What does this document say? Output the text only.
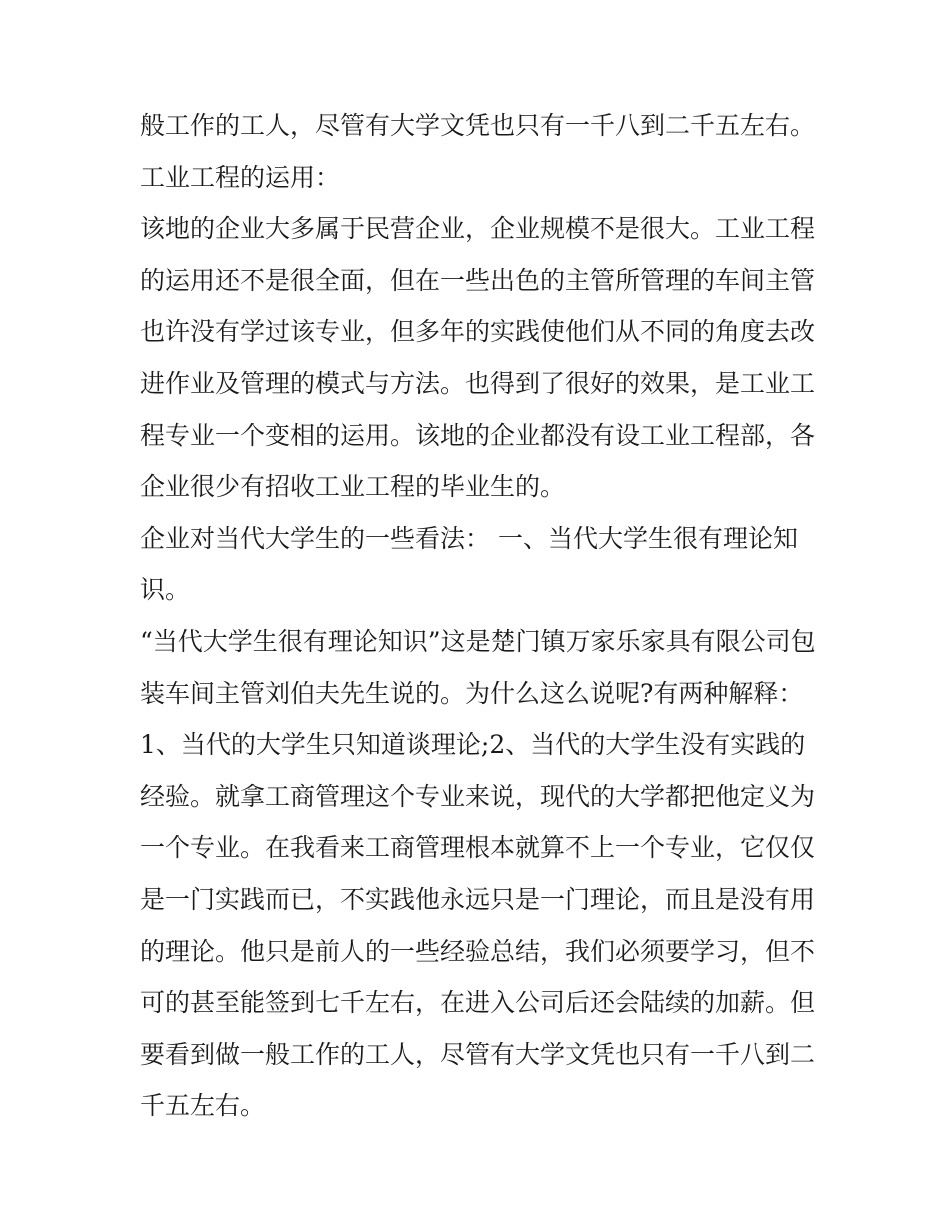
般工作的工人，尽管有大学文凭也只有一千八到二千五左右。
工业工程的运用：
该地的企业大多属于民营企业，企业规模不是很大。工业工程
的运用还不是很全面，但在一些出色的主管所管理的车间主管
也许没有学过该专业，但多年的实践使他们从不同的角度去改
进作业及管理的模式与方法。也得到了很好的效果，是工业工
程专业一个变相的运用。该地的企业都没有设工业工程部，各
企业很少有招收工业工程的毕业生的。
企业对当代大学生的一些看法： 一、当代大学生很有理论知
识。
“当代大学生很有理论知识”这是楚门镇万家乐家具有限公司包
装车间主管刘伯夫先生说的。为什么这么说呢?有两种解释：
1、当代的大学生只知道谈理论;2、当代的大学生没有实践的
经验。就拿工商管理这个专业来说，现代的大学都把他定义为
一个专业。在我看来工商管理根本就算不上一个专业，它仅仅
是一门实践而已，不实践他永远只是一门理论，而且是没有用
的理论。他只是前人的一些经验总结，我们必须要学习，但不
可的甚至能签到七千左右，在进入公司后还会陆续的加薪。但
要看到做一般工作的工人，尽管有大学文凭也只有一千八到二
千五左右。
